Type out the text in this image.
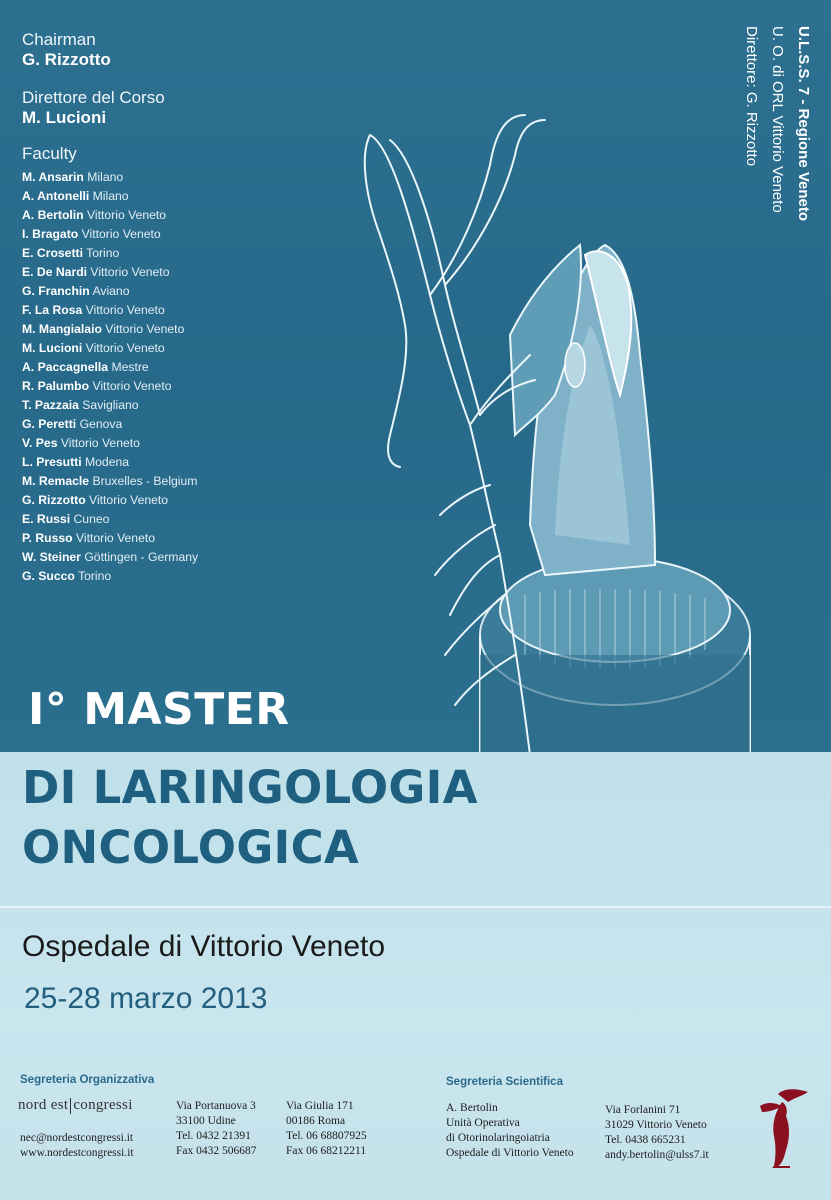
Chairman
G. Rizzotto
Direttore del Corso
M. Lucioni
Faculty
M. Ansarin Milano
A. Antonelli Milano
A. Bertolin Vittorio Veneto
I. Bragato Vittorio Veneto
E. Crosetti Torino
E. De Nardi Vittorio Veneto
G. Franchin Aviano
F. La Rosa Vittorio Veneto
M. Mangialaio Vittorio Veneto
M. Lucioni Vittorio Veneto
A. Paccagnella Mestre
R. Palumbo Vittorio Veneto
T. Pazzaia Savigliano
G. Peretti Genova
V. Pes Vittorio Veneto
L. Presutti Modena
M. Remacle Bruxelles - Belgium
G. Rizzotto Vittorio Veneto
E. Russi Cuneo
P. Russo Vittorio Veneto
W. Steiner Göttingen - Germany
G. Succo Torino
U.L.S.S. 7 - Regione Veneto
U. O. di ORL Vittorio Veneto
Direttore: G. Rizzotto
I° MASTER
DI LARINGOLOGIA
ONCOLOGICA
Ospedale di Vittorio Veneto
25-28 marzo 2013
Segreteria Organizzativa
nord est congressi
nec@nordestcongressi.it
www.nordestcongressi.it
Via Portanuova 3
33100 Udine
Tel. 0432 21391
Fax 0432 506687
Via Giulia 171
00186 Roma
Tel. 06 68807925
Fax 06 68212211
Segreteria Scientifica
A. Bertolin
Unità Operativa
di Otorinolaringoiatria
Ospedale di Vittorio Veneto
Via Forlanini 71
31029 Vittorio Veneto
Tel. 0438 665231
andy.bertolin@ulss7.it
